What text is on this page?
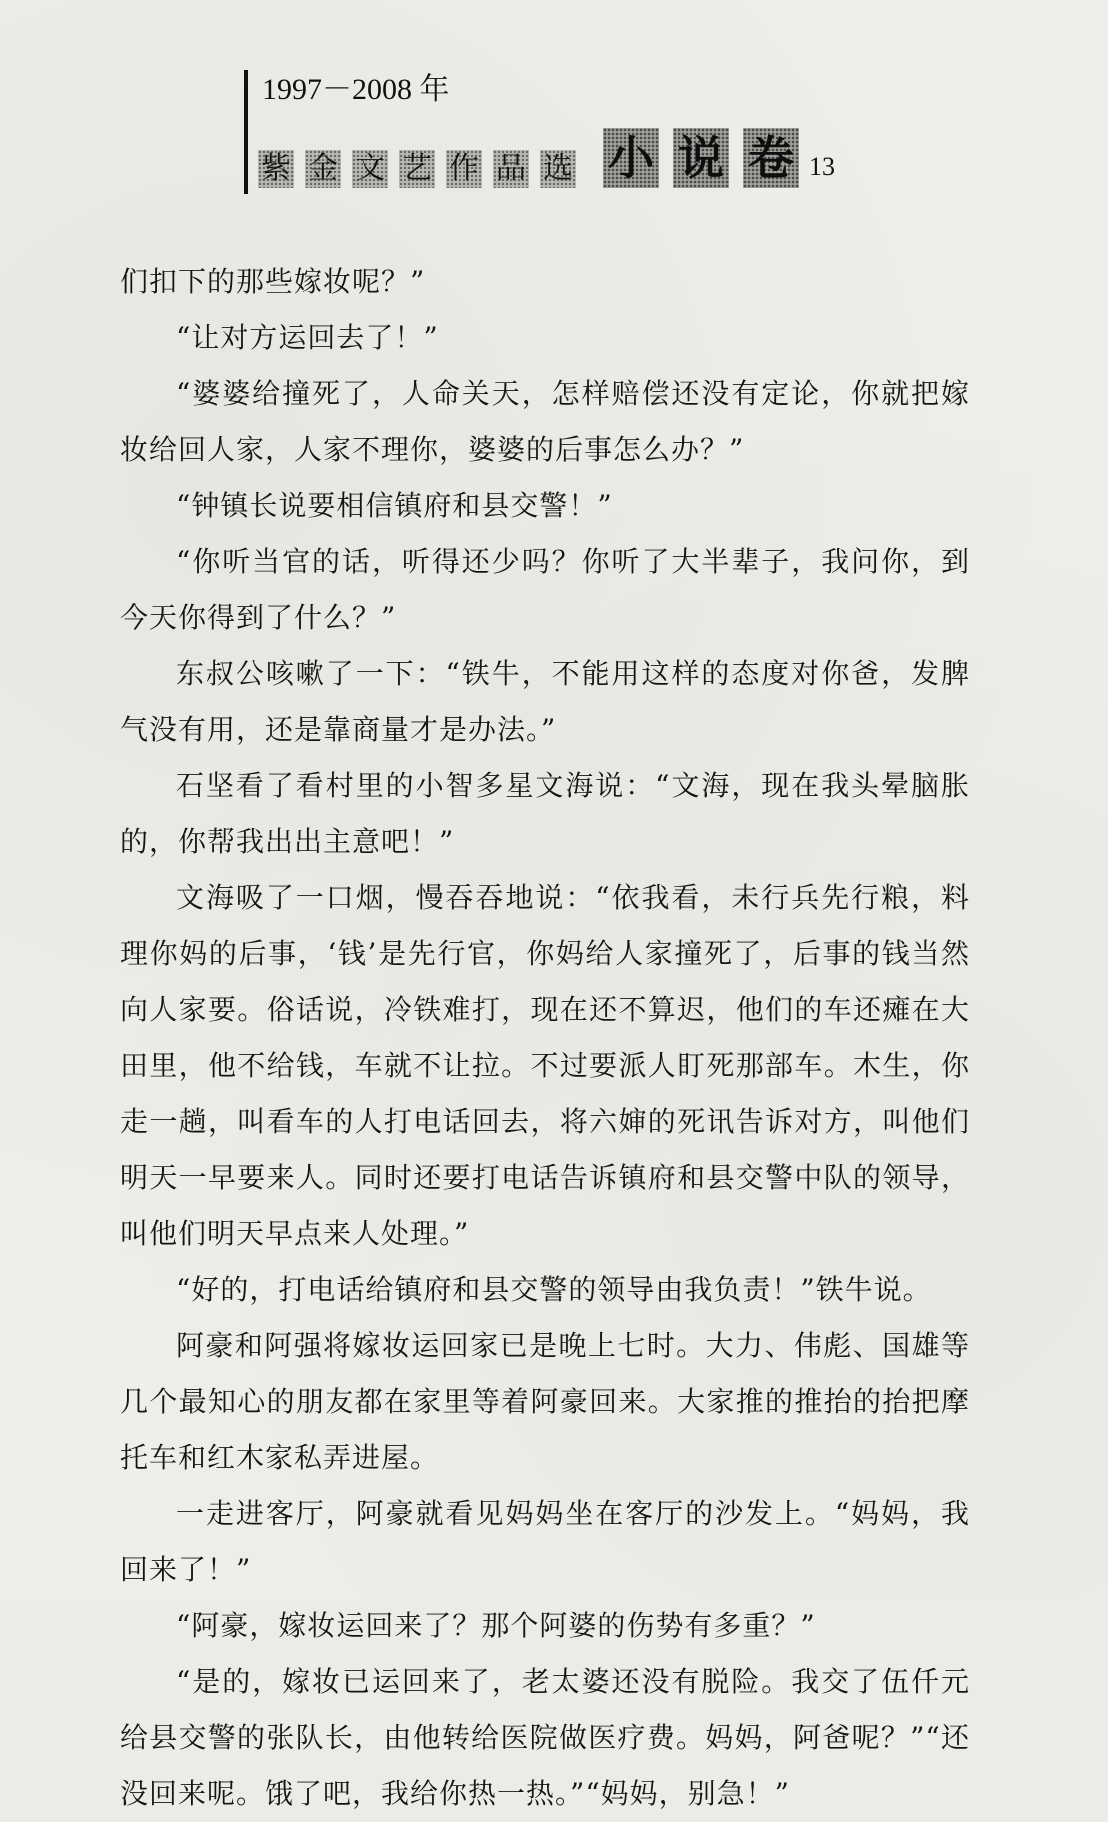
1997－2008 年
紫 金 文 艺 作 品 选 小 说 卷 13

们扣下的那些嫁妆呢？”

“让对方运回去了！”

“婆婆给撞死了，人命关天，怎样赔偿还没有定论，你就把嫁妆给回人家，人家不理你，婆婆的后事怎么办？”

“钟镇长说要相信镇府和县交警！”

“你听当官的话，听得还少吗？你听了大半辈子，我问你，到今天你得到了什么？”

东叔公咳嗽了一下：“铁牛，不能用这样的态度对你爸，发脾气没有用，还是靠商量才是办法。”

石坚看了看村里的小智多星文海说：“文海，现在我头晕脑胀的，你帮我出出主意吧！”

文海吸了一口烟，慢吞吞地说：“依我看，未行兵先行粮，料理你妈的后事，‘钱’是先行官，你妈给人家撞死了，后事的钱当然向人家要。俗话说，冷铁难打，现在还不算迟，他们的车还瘫在大田里，他不给钱，车就不让拉。不过要派人盯死那部车。木生，你走一趟，叫看车的人打电话回去，将六婶的死讯告诉对方，叫他们明天一早要来人。同时还要打电话告诉镇府和县交警中队的领导，叫他们明天早点来人处理。”

“好的，打电话给镇府和县交警的领导由我负责！”铁牛说。

阿豪和阿强将嫁妆运回家已是晚上七时。大力、伟彪、国雄等几个最知心的朋友都在家里等着阿豪回来。大家推的推抬的抬把摩托车和红木家私弄进屋。

一走进客厅，阿豪就看见妈妈坐在客厅的沙发上。“妈妈，我回来了！”

“阿豪，嫁妆运回来了？那个阿婆的伤势有多重？”

“是的，嫁妆已运回来了，老太婆还没有脱险。我交了伍仟元给县交警的张队长，由他转给医院做医疗费。妈妈，阿爸呢？”“还没回来呢。饿了吧，我给你热一热。”“妈妈，别急！”
